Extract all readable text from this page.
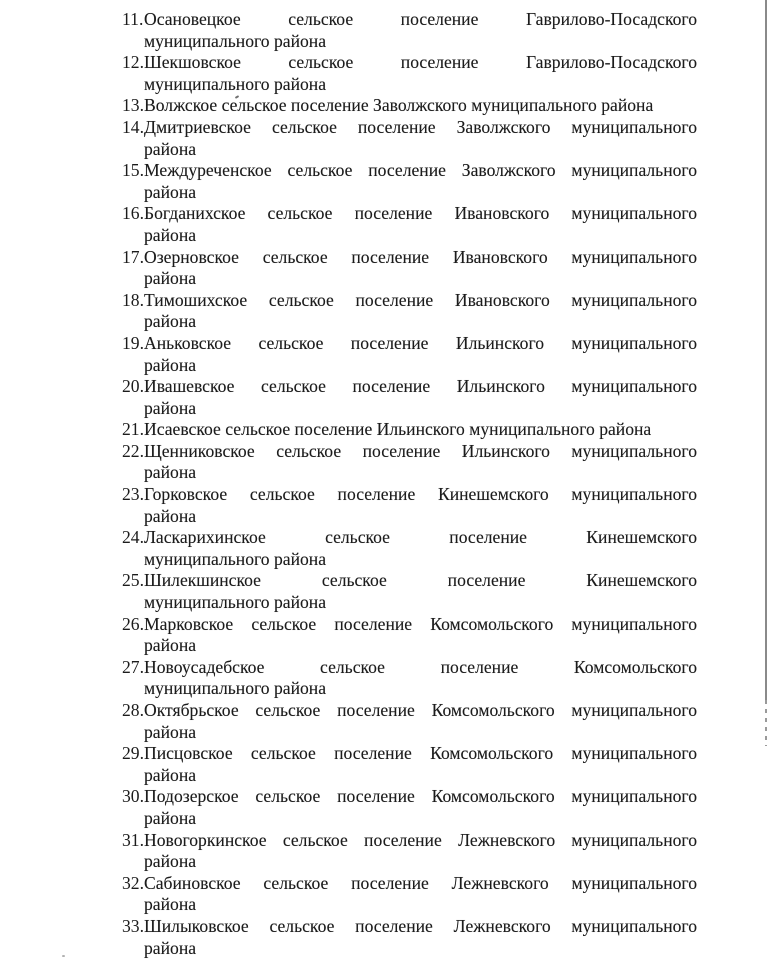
11. Осановецкое сельское поселение Гаврилово-Посадского
муниципального района
12. Шекшовское сельское поселение Гаврилово-Посадского
муниципального района
13. Волжское сельское поселение Заволжского муниципального района
14. Дмитриевское сельское поселение Заволжского муниципального
района
15. Междуреченское сельское поселение Заволжского муниципального
района
16. Богданихское сельское поселение Ивановского муниципального
района
17. Озерновское сельское поселение Ивановского муниципального
района
18. Тимошихское сельское поселение Ивановского муниципального
района
19. Аньковское сельское поселение Ильинского муниципального
района
20. Ивашевское сельское поселение Ильинского муниципального
района
21. Исаевское сельское поселение Ильинского муниципального района
22. Щенниковское сельское поселение Ильинского муниципального
района
23. Горковское сельское поселение Кинешемского муниципального
района
24. Ласкарихинское сельское поселение Кинешемского
муниципального района
25. Шилекшинское сельское поселение Кинешемского
муниципального района
26. Марковское сельское поселение Комсомольского муниципального
района
27. Новоусадебское сельское поселение Комсомольского
муниципального района
28. Октябрьское сельское поселение Комсомольского муниципального
района
29. Писцовское сельское поселение Комсомольского муниципального
района
30. Подозерское сельское поселение Комсомольского муниципального
района
31. Новогоркинское сельское поселение Лежневского муниципального
района
32. Сабиновское сельское поселение Лежневского муниципального
района
33. Шилыковское сельское поселение Лежневского муниципального
района
